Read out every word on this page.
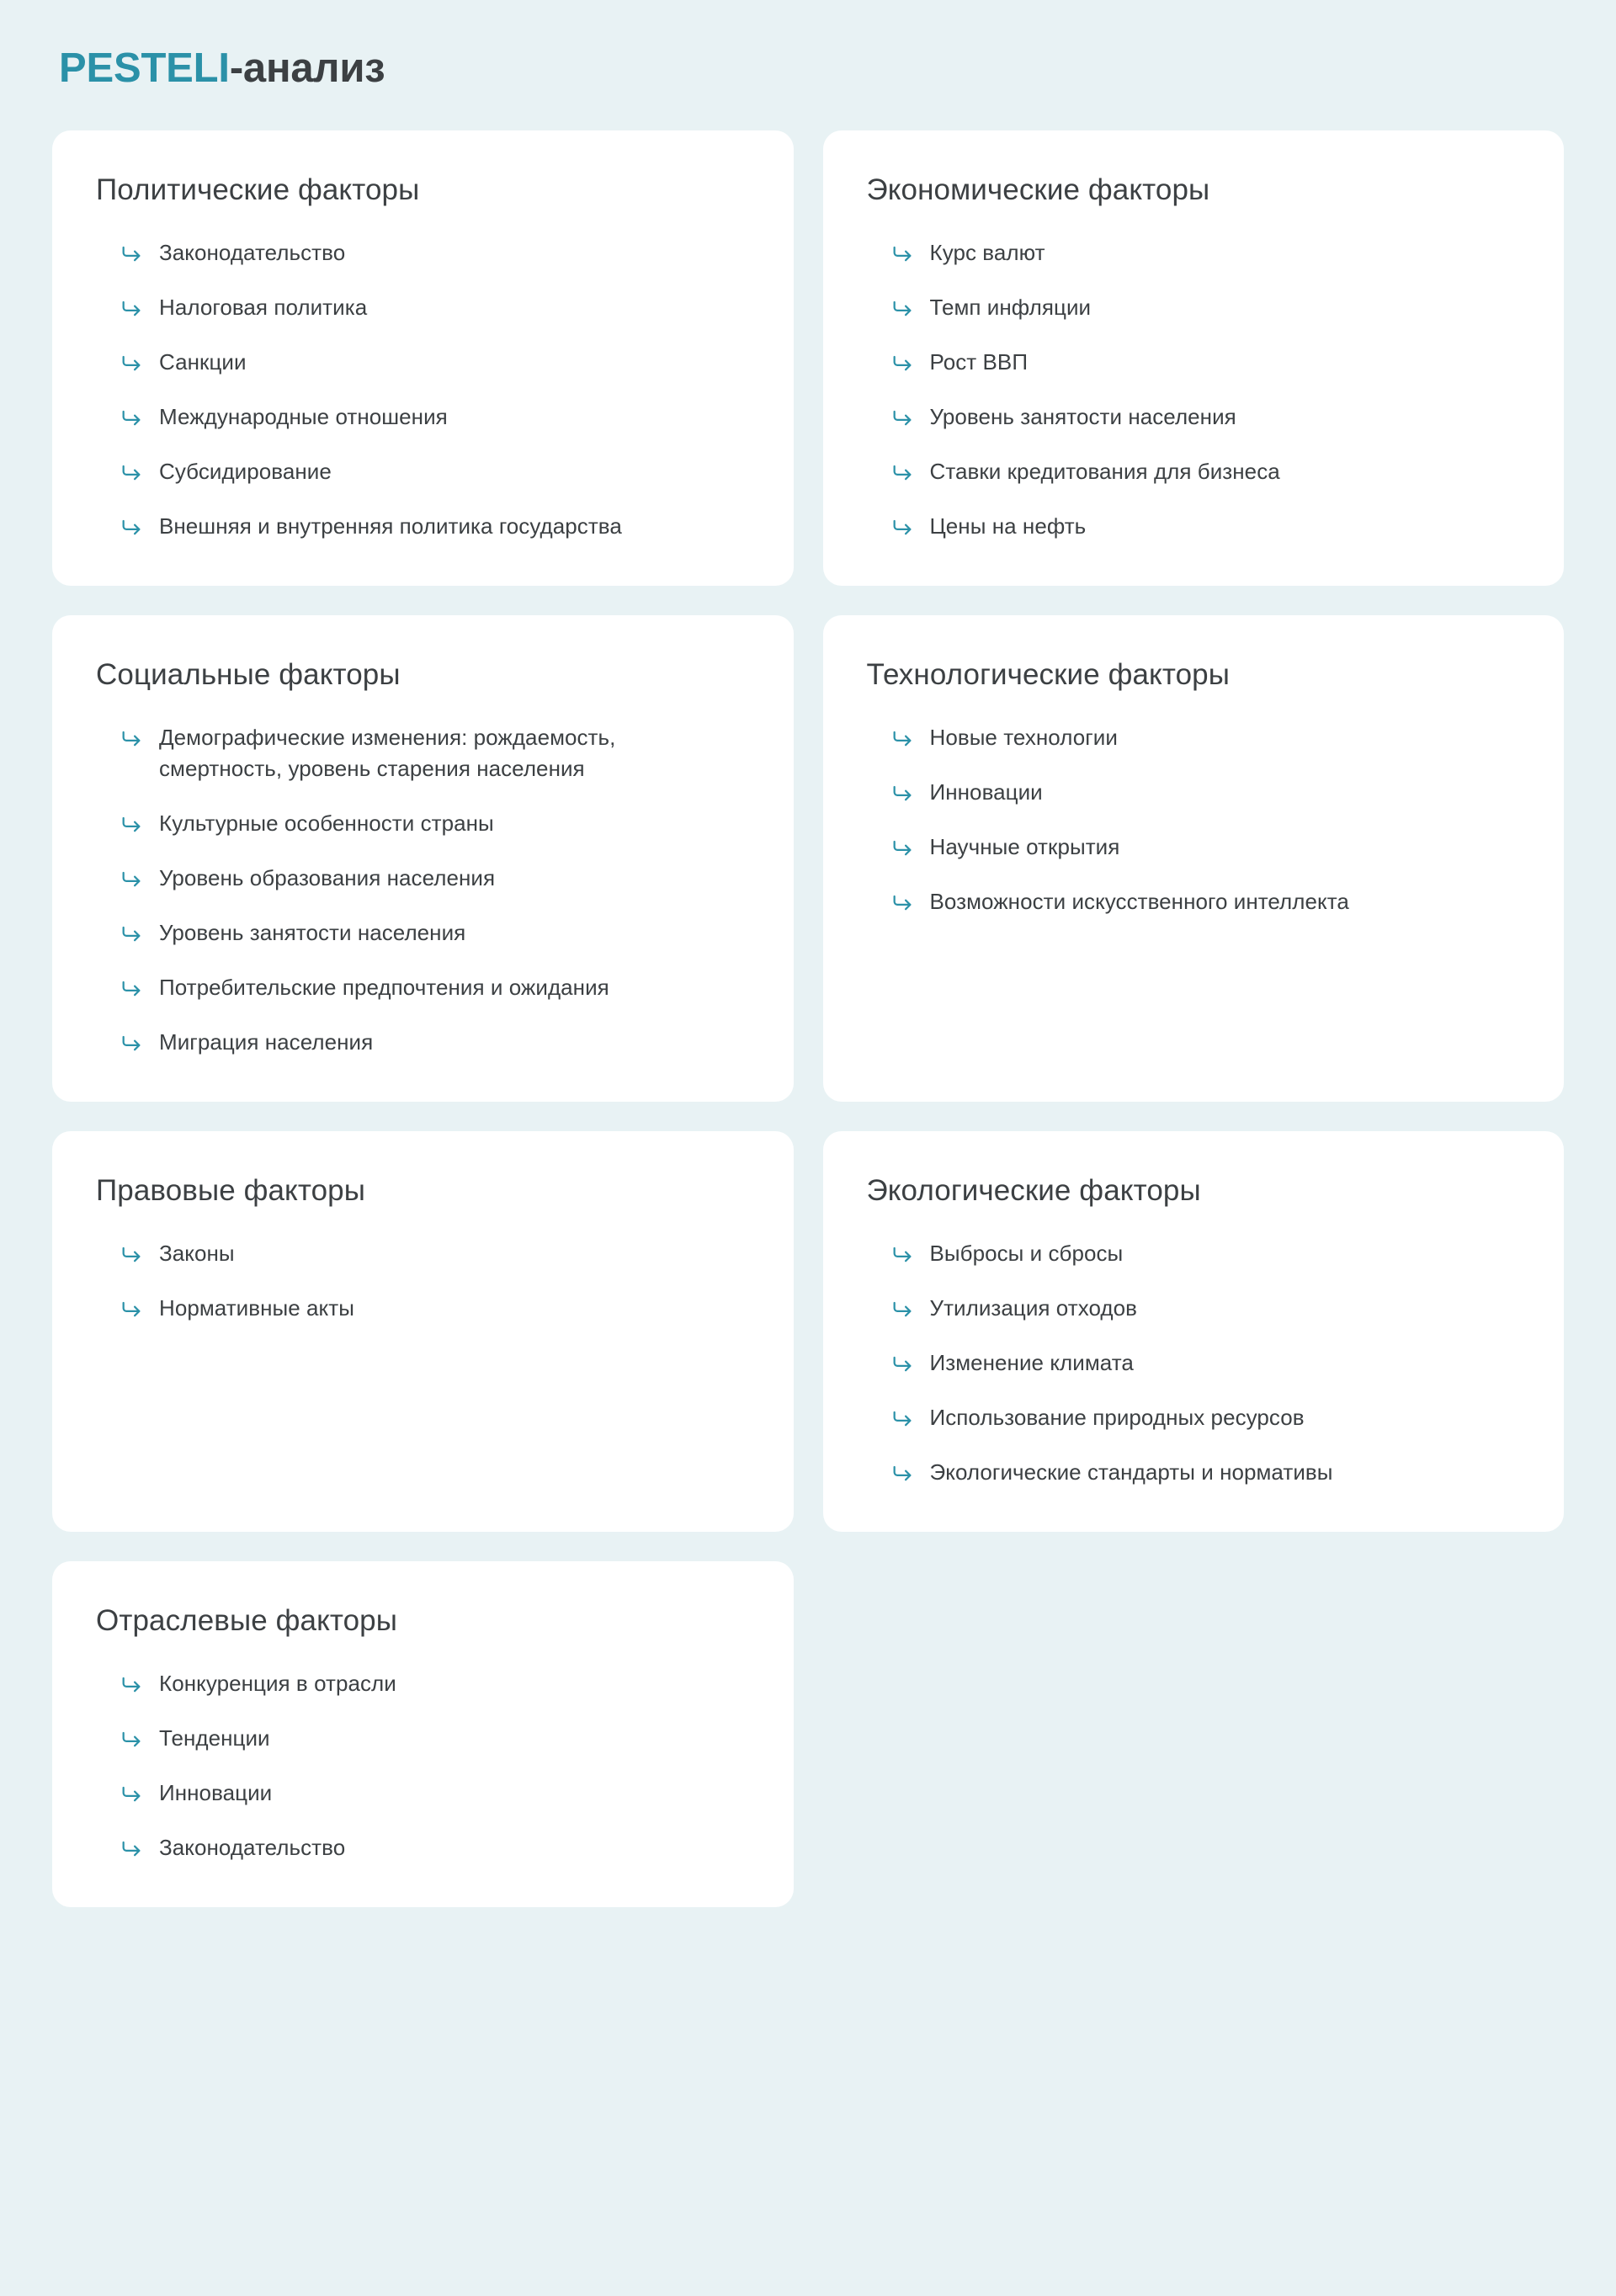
PESTELI-анализ
Политические факторы
Законодательство
Налоговая политика
Санкции
Международные отношения
Субсидирование
Внешняя и внутренняя политика государства
Экономические факторы
Курс валют
Темп инфляции
Рост ВВП
Уровень занятости населения
Ставки кредитования для бизнеса
Цены на нефть
Социальные факторы
Демографические изменения: рождаемость, смертность, уровень старения населения
Культурные особенности страны
Уровень образования населения
Уровень занятости населения
Потребительские предпочтения и ожидания
Миграция населения
Технологические факторы
Новые технологии
Инновации
Научные открытия
Возможности искусственного интеллекта
Правовые факторы
Законы
Нормативные акты
Экологические факторы
Выбросы и сбросы
Утилизация отходов
Изменение климата
Использование природных ресурсов
Экологические стандарты и нормативы
Отраслевые факторы
Конкуренция в отрасли
Тенденции
Инновации
Законодательство
